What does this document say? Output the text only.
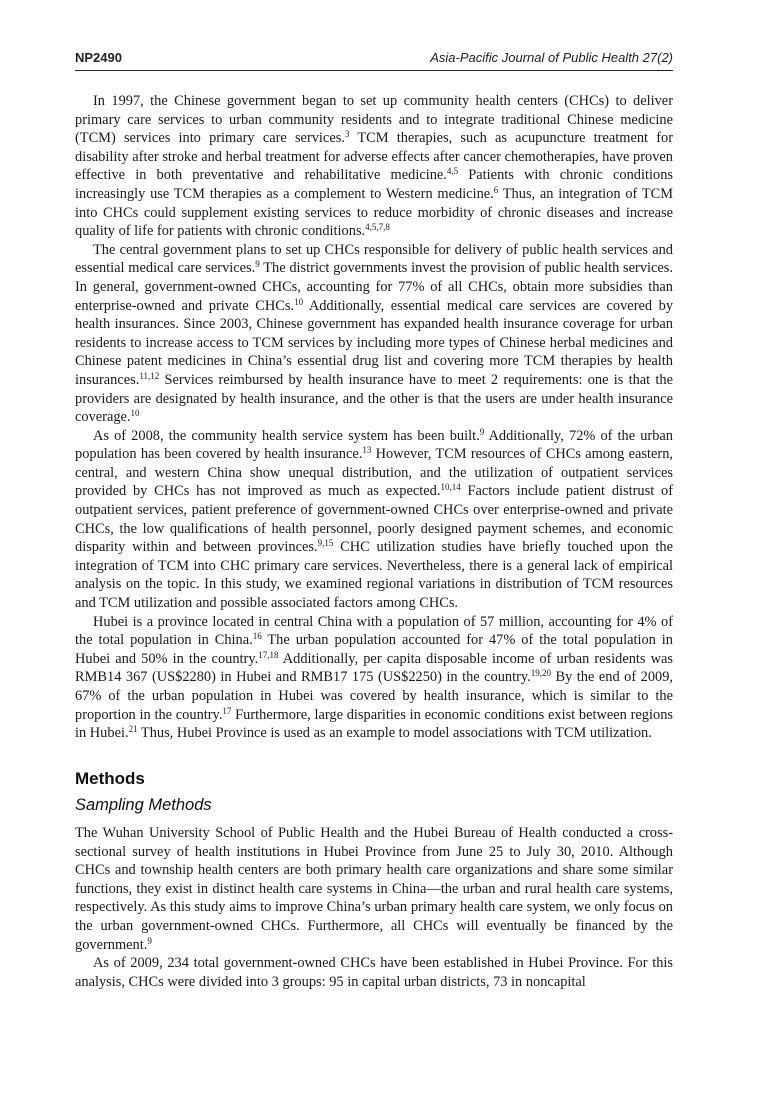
NP2490	Asia-Pacific Journal of Public Health 27(2)

In 1997, the Chinese government began to set up community health centers (CHCs) to deliver primary care services to urban community residents and to integrate traditional Chinese medicine (TCM) services into primary care services.$^3$ TCM therapies, such as acupuncture treatment for disability after stroke and herbal treatment for adverse effects after cancer chemotherapies, have proven effective in both preventative and rehabilitative medicine.$^{4,5}$ Patients with chronic conditions increasingly use TCM therapies as a complement to Western medicine.$^6$ Thus, an integration of TCM into CHCs could supplement existing services to reduce morbidity of chronic diseases and increase quality of life for patients with chronic conditions.$^{4,5,7,8}$

The central government plans to set up CHCs responsible for delivery of public health services and essential medical care services.$^9$ The district governments invest the provision of public health services. In general, government-owned CHCs, accounting for 77% of all CHCs, obtain more subsidies than enterprise-owned and private CHCs.$^{10}$ Additionally, essential medical care services are covered by health insurances. Since 2003, Chinese government has expanded health insurance coverage for urban residents to increase access to TCM services by including more types of Chinese herbal medicines and Chinese patent medicines in China’s essential drug list and covering more TCM therapies by health insurances.$^{11,12}$ Services reimbursed by health insurance have to meet 2 requirements: one is that the providers are designated by health insurance, and the other is that the users are under health insurance coverage.$^{10}$

As of 2008, the community health service system has been built.$^9$ Additionally, 72% of the urban population has been covered by health insurance.$^{13}$ However, TCM resources of CHCs among eastern, central, and western China show unequal distribution, and the utilization of outpatient services provided by CHCs has not improved as much as expected.$^{10,14}$ Factors include patient distrust of outpatient services, patient preference of government-owned CHCs over enterprise-owned and private CHCs, the low qualifications of health personnel, poorly designed payment schemes, and economic disparity within and between provinces.$^{9,15}$ CHC utilization studies have briefly touched upon the integration of TCM into CHC primary care services. Nevertheless, there is a general lack of empirical analysis on the topic. In this study, we examined regional variations in distribution of TCM resources and TCM utilization and possible associated factors among CHCs.

Hubei is a province located in central China with a population of 57 million, accounting for 4% of the total population in China.$^{16}$ The urban population accounted for 47% of the total population in Hubei and 50% in the country.$^{17,18}$ Additionally, per capita disposable income of urban residents was RMB14 367 (US$2280) in Hubei and RMB17 175 (US$2250) in the country.$^{19,20}$ By the end of 2009, 67% of the urban population in Hubei was covered by health insurance, which is similar to the proportion in the country.$^{17}$ Furthermore, large disparities in economic conditions exist between regions in Hubei.$^{21}$ Thus, Hubei Province is used as an example to model associations with TCM utilization.

Methods
Sampling Methods

The Wuhan University School of Public Health and the Hubei Bureau of Health conducted a cross-sectional survey of health institutions in Hubei Province from June 25 to July 30, 2010. Although CHCs and township health centers are both primary health care organizations and share some similar functions, they exist in distinct health care systems in China—the urban and rural health care systems, respectively. As this study aims to improve China’s urban primary health care system, we only focus on the urban government-owned CHCs. Furthermore, all CHCs will eventually be financed by the government.$^9$

As of 2009, 234 total government-owned CHCs have been established in Hubei Province. For this analysis, CHCs were divided into 3 groups: 95 in capital urban districts, 73 in noncapital
